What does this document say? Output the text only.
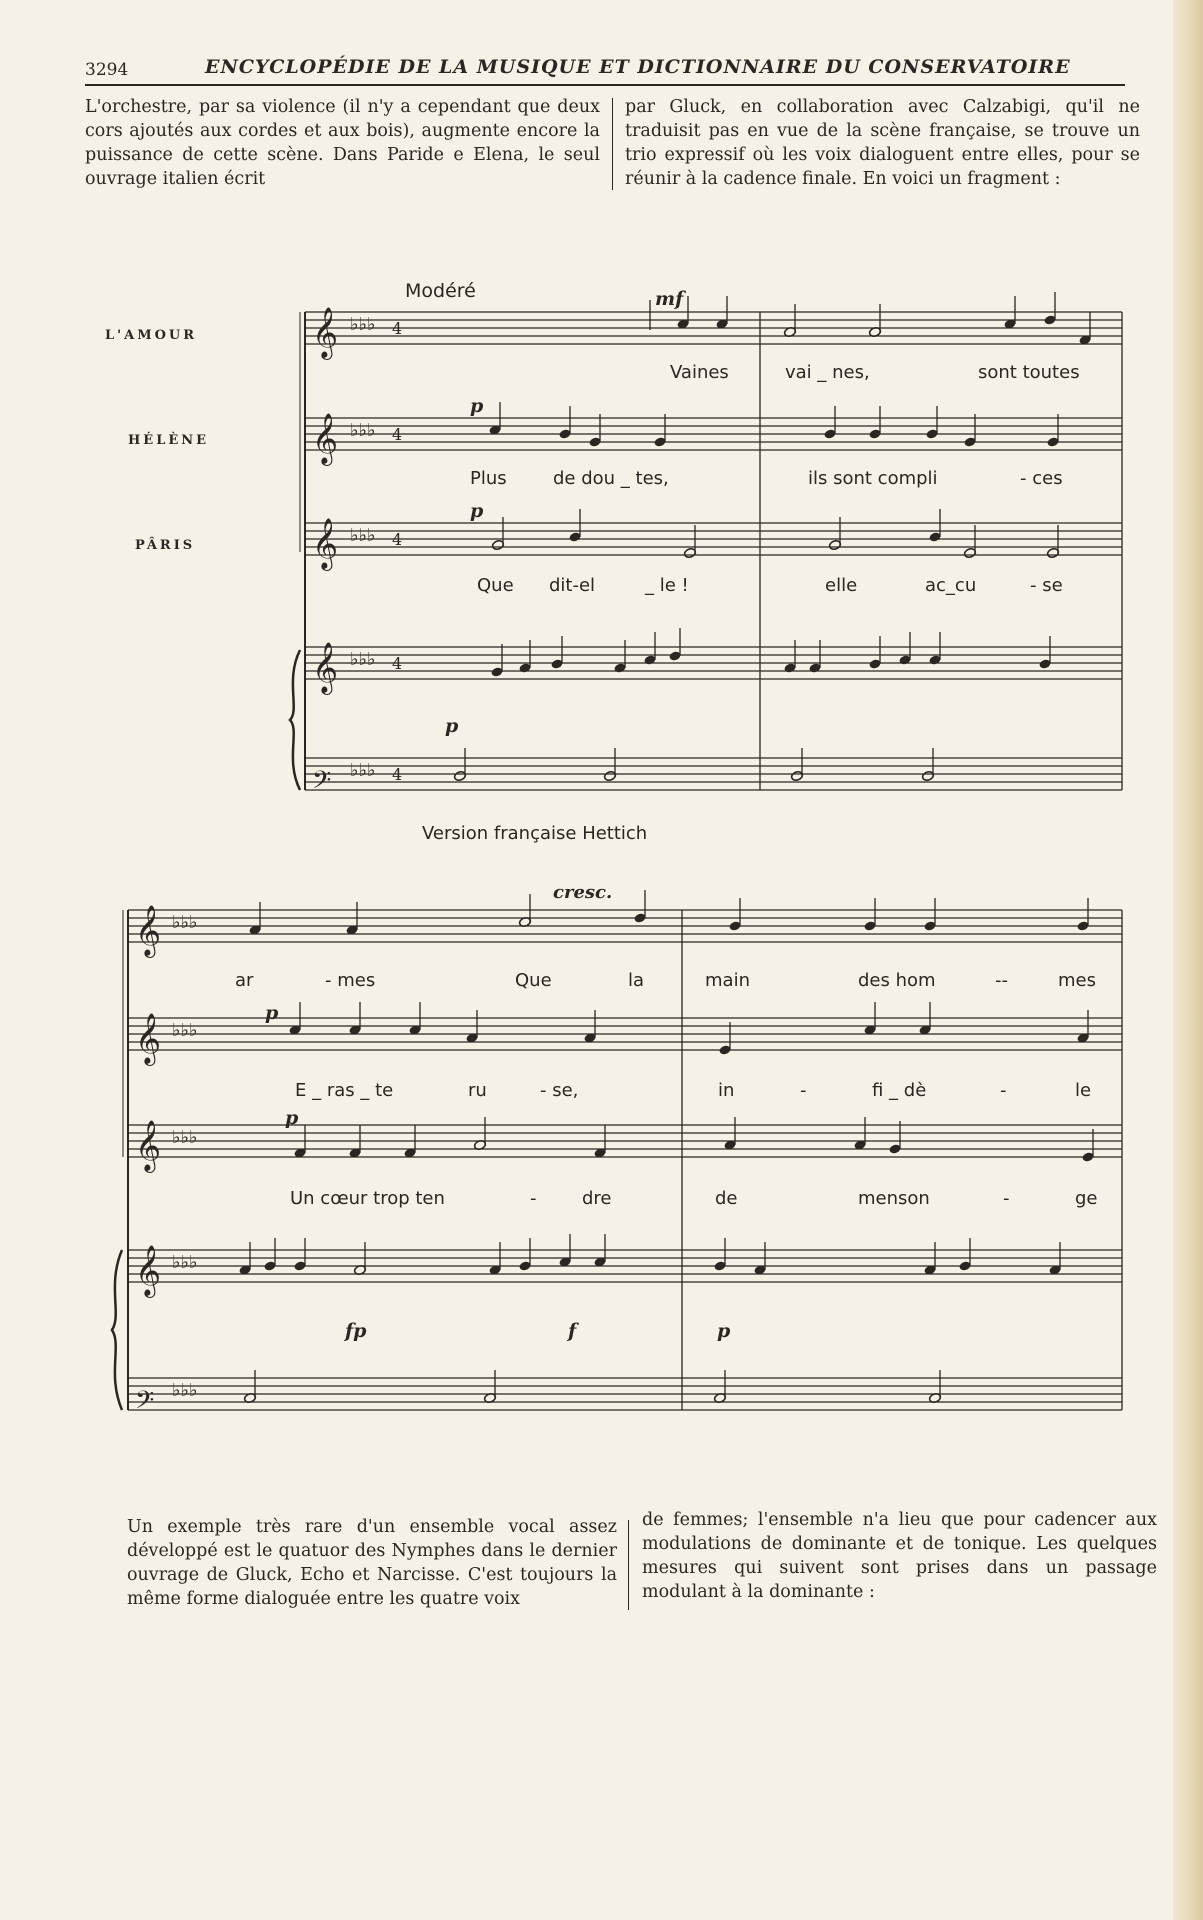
3294	ENCYCLOPÉDIE DE LA MUSIQUE ET DICTIONNAIRE DU CONSERVATOIRE
L'orchestre, par sa violence (il n'y a cependant que deux cors ajoutés aux cordes et aux bois), augmente encore la puissance de cette scène. Dans Paride e Elena, le seul ouvrage italien écrit
par Gluck, en collaboration avec Calzabigi, qu'il ne traduisit pas en vue de la scène française, se trouve un trio expressif où les voix dialoguent entre elles, pour se réunir à la cadence finale. En voici un fragment :
𝄞 ♭♭♭ 4
𝄞 ♭♭♭ 4
𝄞 ♭♭♭ 4
𝄞 ♭♭♭ 4
𝄢 ♭♭♭ 4
𝄞 ♭♭♭
𝄞 ♭♭♭
𝄞 ♭♭♭
𝄞 ♭♭♭
𝄢 ♭♭♭
Modéré
L'AMOUR
HÉLÈNE
PÂRIS
mf
p
p
p
Vaines	vai _ nes,	sont toutes
Plus	de dou _ tes,	ils sont compli	- ces
Que dit-el	_ le !	elle	ac_cu	- se
Version française Hettich
cresc.
p
p
fp	f	p
ar	- mes	Que	la	main	des hom	--	mes
E _ ras _ te	ru	- se,	in	-	fi _ dè	-	le
Un cœur trop ten	-	dre	de	menson	-	ge
Un exemple très rare d'un ensemble vocal assez développé est le quatuor des Nymphes dans le dernier ouvrage de Gluck, Echo et Narcisse. C'est toujours la même forme dialoguée entre les quatre voix
de femmes; l'ensemble n'a lieu que pour cadencer aux modulations de dominante et de tonique. Les quelques mesures qui suivent sont prises dans un passage modulant à la dominante :
